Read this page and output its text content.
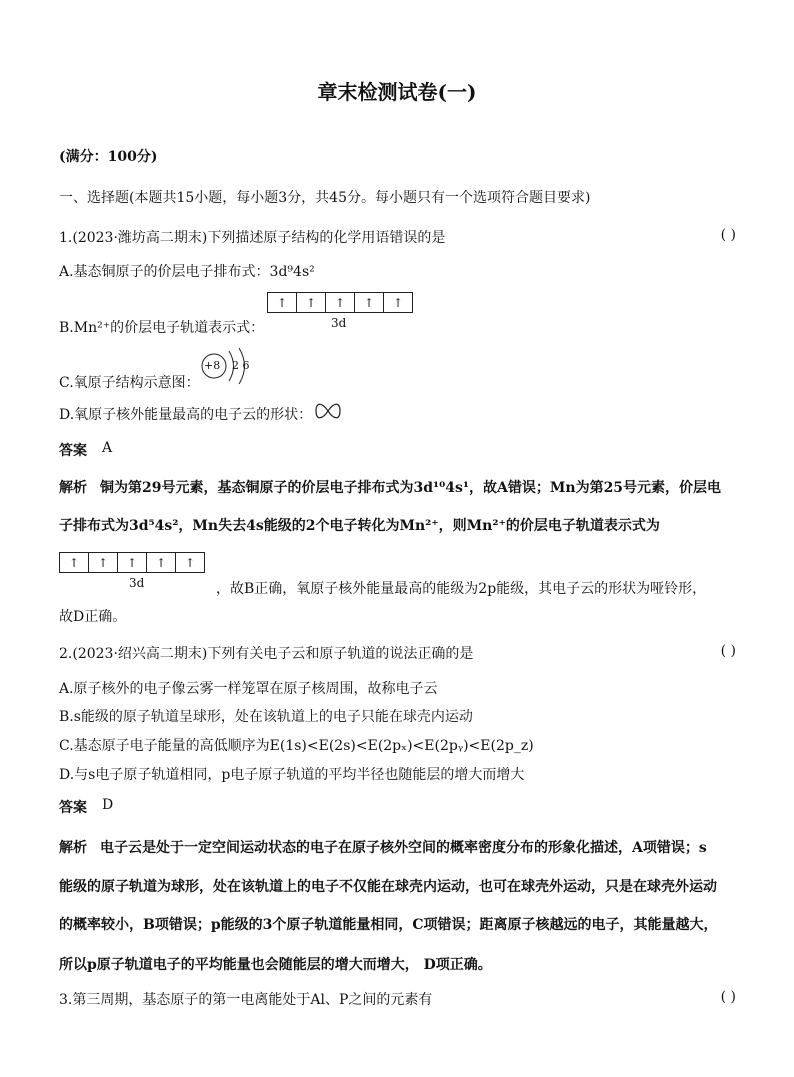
章末检测试卷(一)
(满分：100分)
一、选择题(本题共15小题，每小题3分，共45分。每小题只有一个选项符合题目要求)
1.(2023·潍坊高二期末)下列描述原子结构的化学用语错误的是	( )
A.基态铜原子的价层电子排布式：3d⁹4s²
↑	↑	↑	↑	↑
3d
B.Mn²⁺的价层电子轨道表示式：
C.氧原子结构示意图：
+8 2 6
D.氧原子核外能量最高的电子云的形状：
答案 A
解析 铜为第29号元素，基态铜原子的价层电子排布式为3d¹⁰4s¹，故A错误；Mn为第25号元素，价层电
子排布式为3d⁵4s²，Mn失去4s能级的2个电子转化为Mn²⁺，则Mn²⁺的价层电子轨道表示式为
↑	↑	↑	↑	↑
3d	，故B正确，氧原子核外能量最高的能级为2p能级，其电子云的形状为哑铃形，
故D正确。
2.(2023·绍兴高二期末)下列有关电子云和原子轨道的说法正确的是	( )
A.原子核外的电子像云雾一样笼罩在原子核周围，故称电子云
B.s能级的原子轨道呈球形，处在该轨道上的电子只能在球壳内运动
C.基态原子电子能量的高低顺序为E(1s)<E(2s)<E(2pₓ)<E(2pᵧ)<E(2p_z)
D.与s电子原子轨道相同，p电子原子轨道的平均半径也随能层的增大而增大
答案 D
解析 电子云是处于一定空间运动状态的电子在原子核外空间的概率密度分布的形象化描述，A项错误；s
能级的原子轨道为球形，处在该轨道上的电子不仅能在球壳内运动，也可在球壳外运动，只是在球壳外运动
的概率较小，B项错误；p能级的3个原子轨道能量相同，C项错误；距离原子核越远的电子，其能量越大，
所以p原子轨道电子的平均能量也会随能层的增大而增大， D项正确。
3.第三周期，基态原子的第一电离能处于Al、P之间的元素有	( )
